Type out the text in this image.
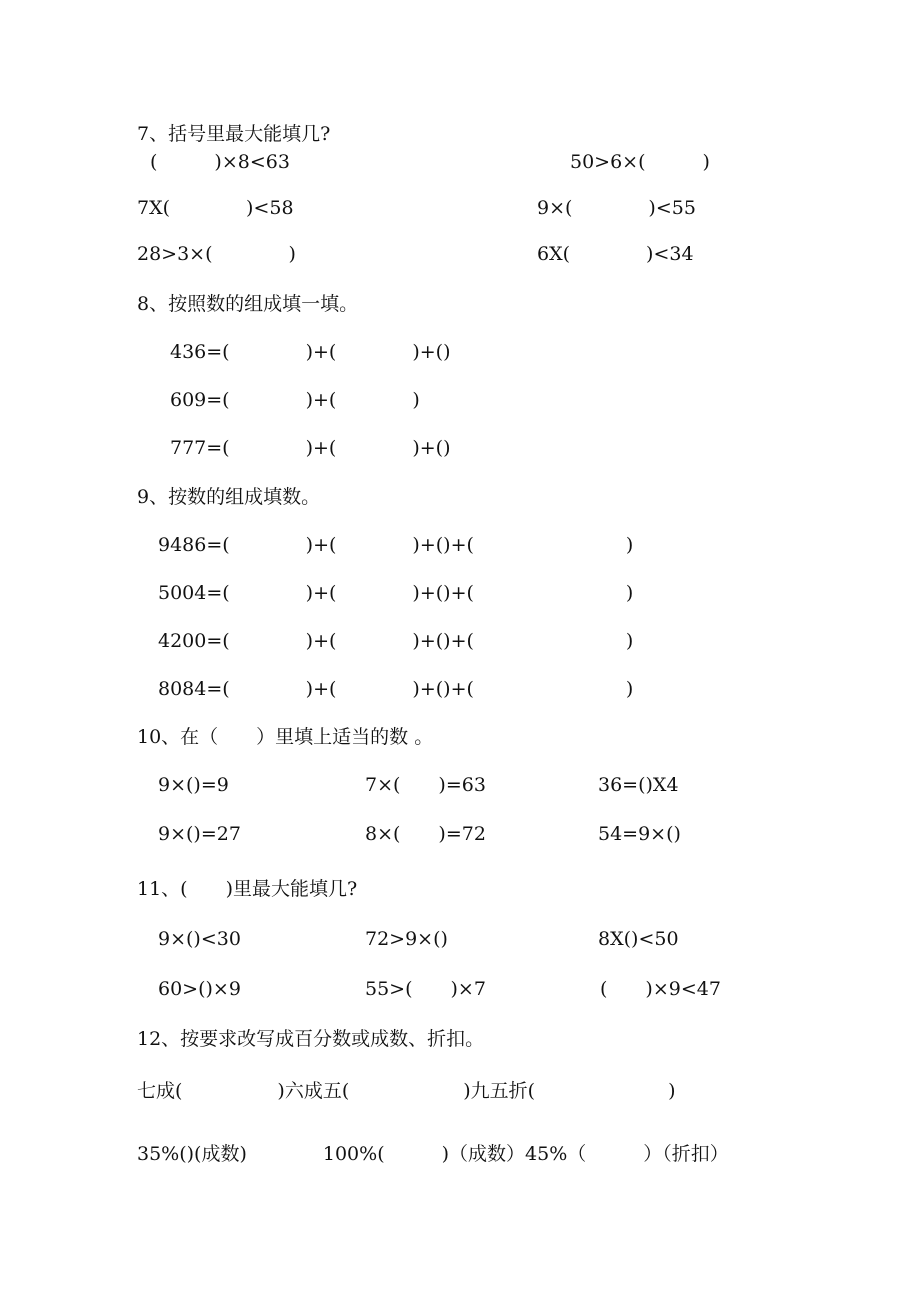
7、括号里最大能填几?
(　　　)×8<63	50>6×(　　　)
7X(　　　　)<58	9×(　　　　)<55
28>3×(　　　　)	6X(　　　　)<34
8、按照数的组成填一填。
436=(　　　　)+(　　　　)+()
609=(　　　　)+(　　　　)
777=(　　　　)+(　　　　)+()
9、按数的组成填数。
9486=(　　　　)+(　　　　)+()+(　　　　　　　　)
5004=(　　　　)+(　　　　)+()+(　　　　　　　　)
4200=(　　　　)+(　　　　)+()+(　　　　　　　　)
8084=(　　　　)+(　　　　)+()+(　　　　　　　　)
10、在（　　）里填上适当的数 。
9×()=9	7×(　　)=63	36=()X4
9×()=27	8×(　　)=72	54=9×()
11、(　　)里最大能填几?
9×()<30	72>9×()	8X()<50
60>()×9	55>(　　)×7	(　　)×9<47
12、按要求改写成百分数或成数、折扣。
七成(　　　　　)六成五(　　　　　　)九五折(　　　　　　　)
35%()(成数)　　　　100%(　　　)（成数）45%（　　　）（折扣）
